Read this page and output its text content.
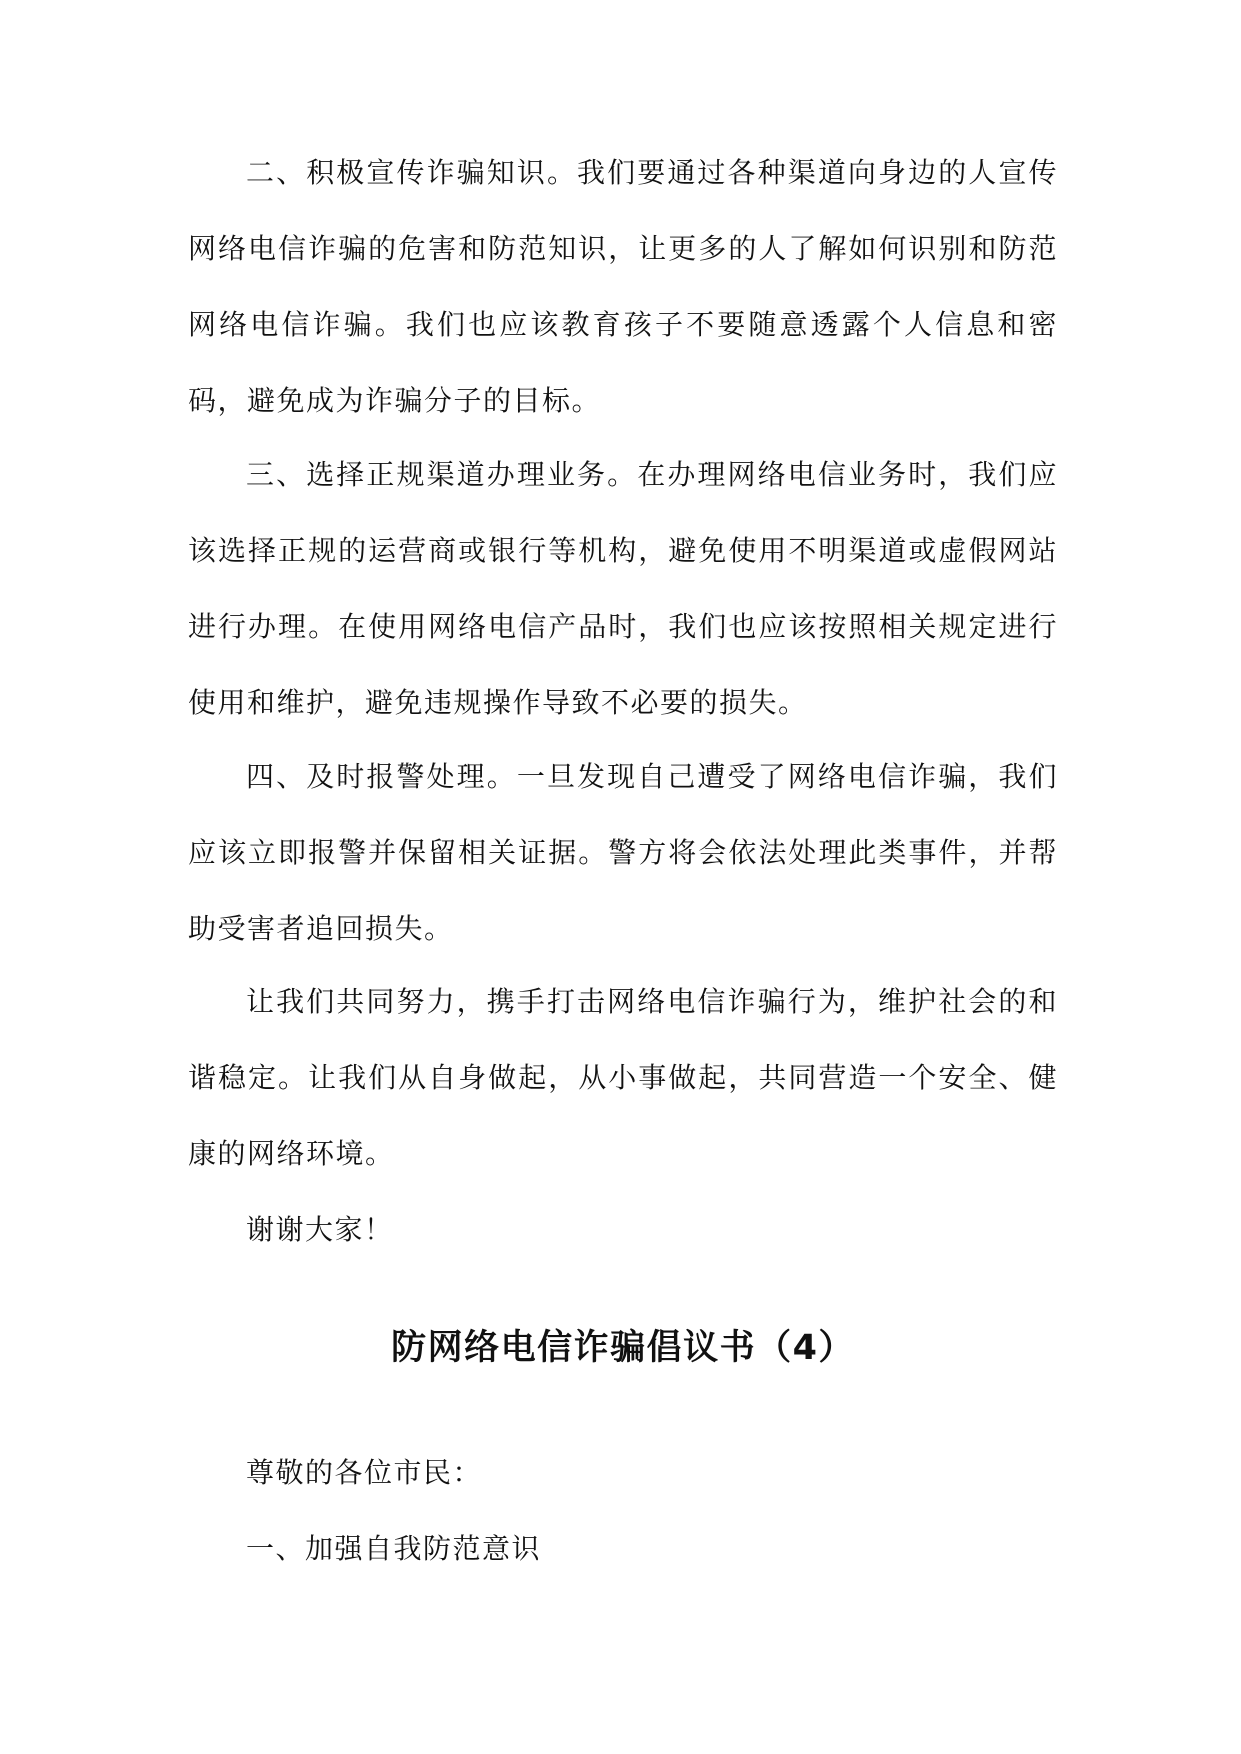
二、积极宣传诈骗知识。我们要通过各种渠道向身边的人宣传网络电信诈骗的危害和防范知识，让更多的人了解如何识别和防范网络电信诈骗。我们也应该教育孩子不要随意透露个人信息和密码，避免成为诈骗分子的目标。

三、选择正规渠道办理业务。在办理网络电信业务时，我们应该选择正规的运营商或银行等机构，避免使用不明渠道或虚假网站进行办理。在使用网络电信产品时，我们也应该按照相关规定进行使用和维护，避免违规操作导致不必要的损失。

四、及时报警处理。一旦发现自己遭受了网络电信诈骗，我们应该立即报警并保留相关证据。警方将会依法处理此类事件，并帮助受害者追回损失。

让我们共同努力，携手打击网络电信诈骗行为，维护社会的和谐稳定。让我们从自身做起，从小事做起，共同营造一个安全、健康的网络环境。

谢谢大家！

防网络电信诈骗倡议书（4）

尊敬的各位市民：

一、加强自我防范意识
